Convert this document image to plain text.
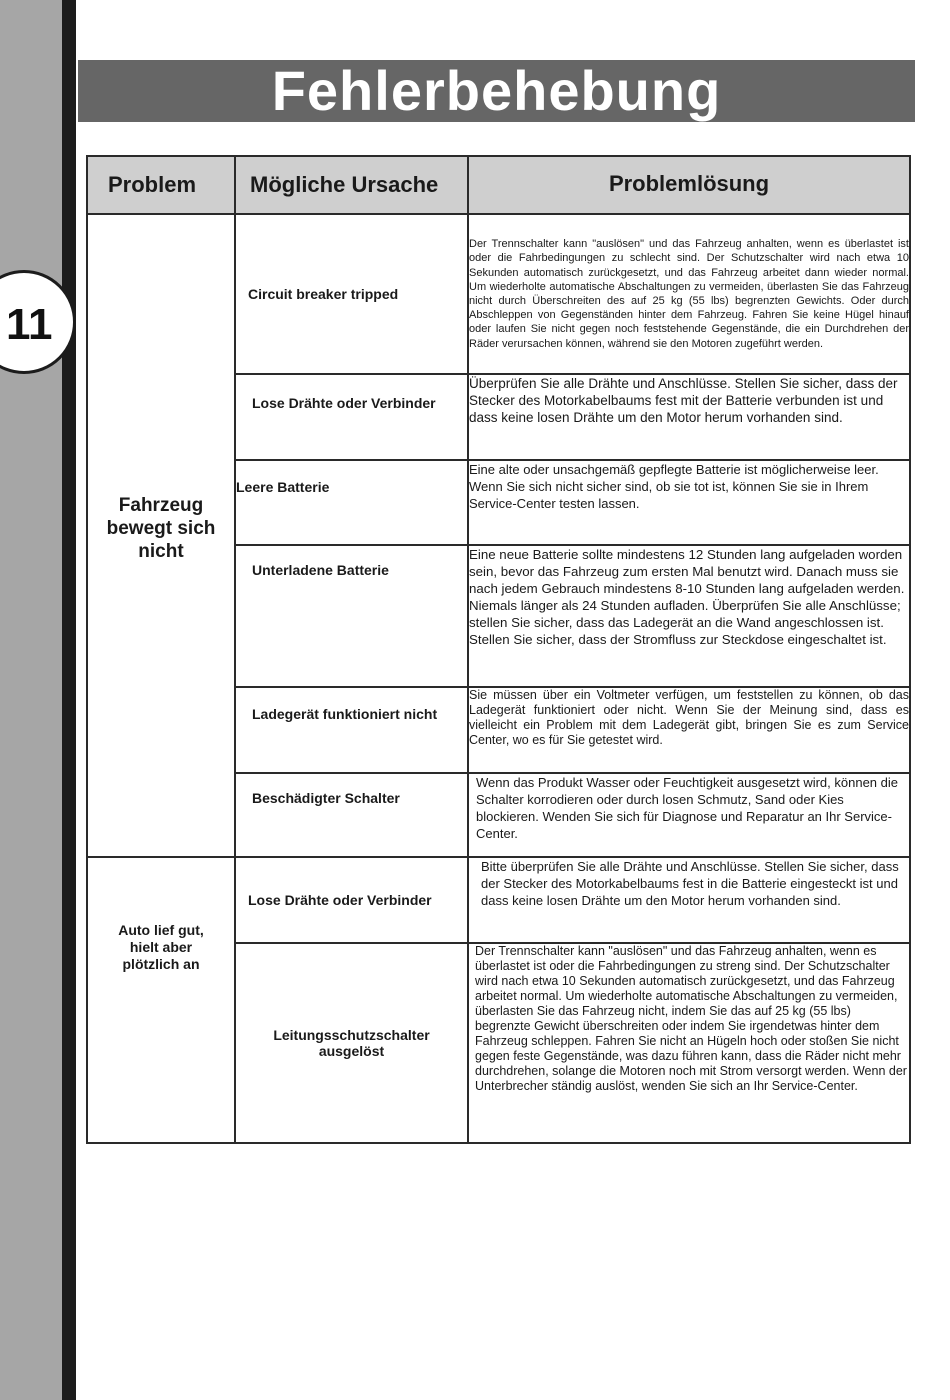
11
Fehlerbehebung
Problem	Mögliche Ursache	Problemlösung

Fahrzeug bewegt sich nicht	Circuit breaker tripped	Der Trennschalter kann "auslösen" und das Fahrzeug anhalten, wenn es überlastet ist oder die Fahrbedingungen zu schlecht sind. Der Schutzschalter wird nach etwa 10 Sekunden automatisch zurückgesetzt, und das Fahrzeug arbeitet dann wieder normal. Um wiederholte automatische Abschaltungen zu vermeiden, überlasten Sie das Fahrzeug nicht durch Überschreiten des auf 25 kg (55 lbs) begrenzten Gewichts. Oder durch Abschleppen von Gegenständen hinter dem Fahrzeug. Fahren Sie keine Hügel hinauf oder laufen Sie nicht gegen noch feststehende Gegenstände, die ein Durchdrehen der Räder verursachen können, während sie den Motoren zugeführt werden.
	Lose Drähte oder Verbinder	Überprüfen Sie alle Drähte und Anschlüsse. Stellen Sie sicher, dass der Stecker des Motorkabelbaums fest mit der Batterie verbunden ist und dass keine losen Drähte um den Motor herum vorhanden sind.
	Leere Batterie	Eine alte oder unsachgemäß gepflegte Batterie ist möglicherweise leer. Wenn Sie sich nicht sicher sind, ob sie tot ist, können Sie sie in Ihrem Service-Center testen lassen.
	Unterladene Batterie	Eine neue Batterie sollte mindestens 12 Stunden lang aufgeladen worden sein, bevor das Fahrzeug zum ersten Mal benutzt wird. Danach muss sie nach jedem Gebrauch mindestens 8-10 Stunden lang aufgeladen werden. Niemals länger als 24 Stunden aufladen. Überprüfen Sie alle Anschlüsse; stellen Sie sicher, dass das Ladegerät an die Wand angeschlossen ist. Stellen Sie sicher, dass der Stromfluss zur Steckdose eingeschaltet ist.
	Ladegerät funktioniert nicht	Sie müssen über ein Voltmeter verfügen, um feststellen zu können, ob das Ladegerät funktioniert oder nicht. Wenn Sie der Meinung sind, dass es vielleicht ein Problem mit dem Ladegerät gibt, bringen Sie es zum Service Center, wo es für Sie getestet wird.
	Beschädigter Schalter	Wenn das Produkt Wasser oder Feuchtigkeit ausgesetzt wird, können die Schalter korrodieren oder durch losen Schmutz, Sand oder Kies blockieren. Wenden Sie sich für Diagnose und Reparatur an Ihr Service-Center.

Auto lief gut, hielt aber plötzlich an	Lose Drähte oder Verbinder	Bitte überprüfen Sie alle Drähte und Anschlüsse. Stellen Sie sicher, dass der Stecker des Motorkabelbaums fest in die Batterie eingesteckt ist und dass keine losen Drähte um den Motor herum vorhanden sind.
	Leitungsschutzschalter ausgelöst	Der Trennschalter kann "auslösen" und das Fahrzeug anhalten, wenn es überlastet ist oder die Fahrbedingungen zu streng sind. Der Schutzschalter wird nach etwa 10 Sekunden automatisch zurückgesetzt, und das Fahrzeug arbeitet normal. Um wiederholte automatische Abschaltungen zu vermeiden, überlasten Sie das Fahrzeug nicht, indem Sie das auf 25 kg (55 lbs) begrenzte Gewicht überschreiten oder indem Sie irgendetwas hinter dem Fahrzeug schleppen. Fahren Sie nicht an Hügeln hoch oder stoßen Sie nicht gegen feste Gegenstände, was dazu führen kann, dass die Räder nicht mehr durchdrehen, solange die Motoren noch mit Strom versorgt werden. Wenn der Unterbrecher ständig auslöst, wenden Sie sich an Ihr Service-Center.
